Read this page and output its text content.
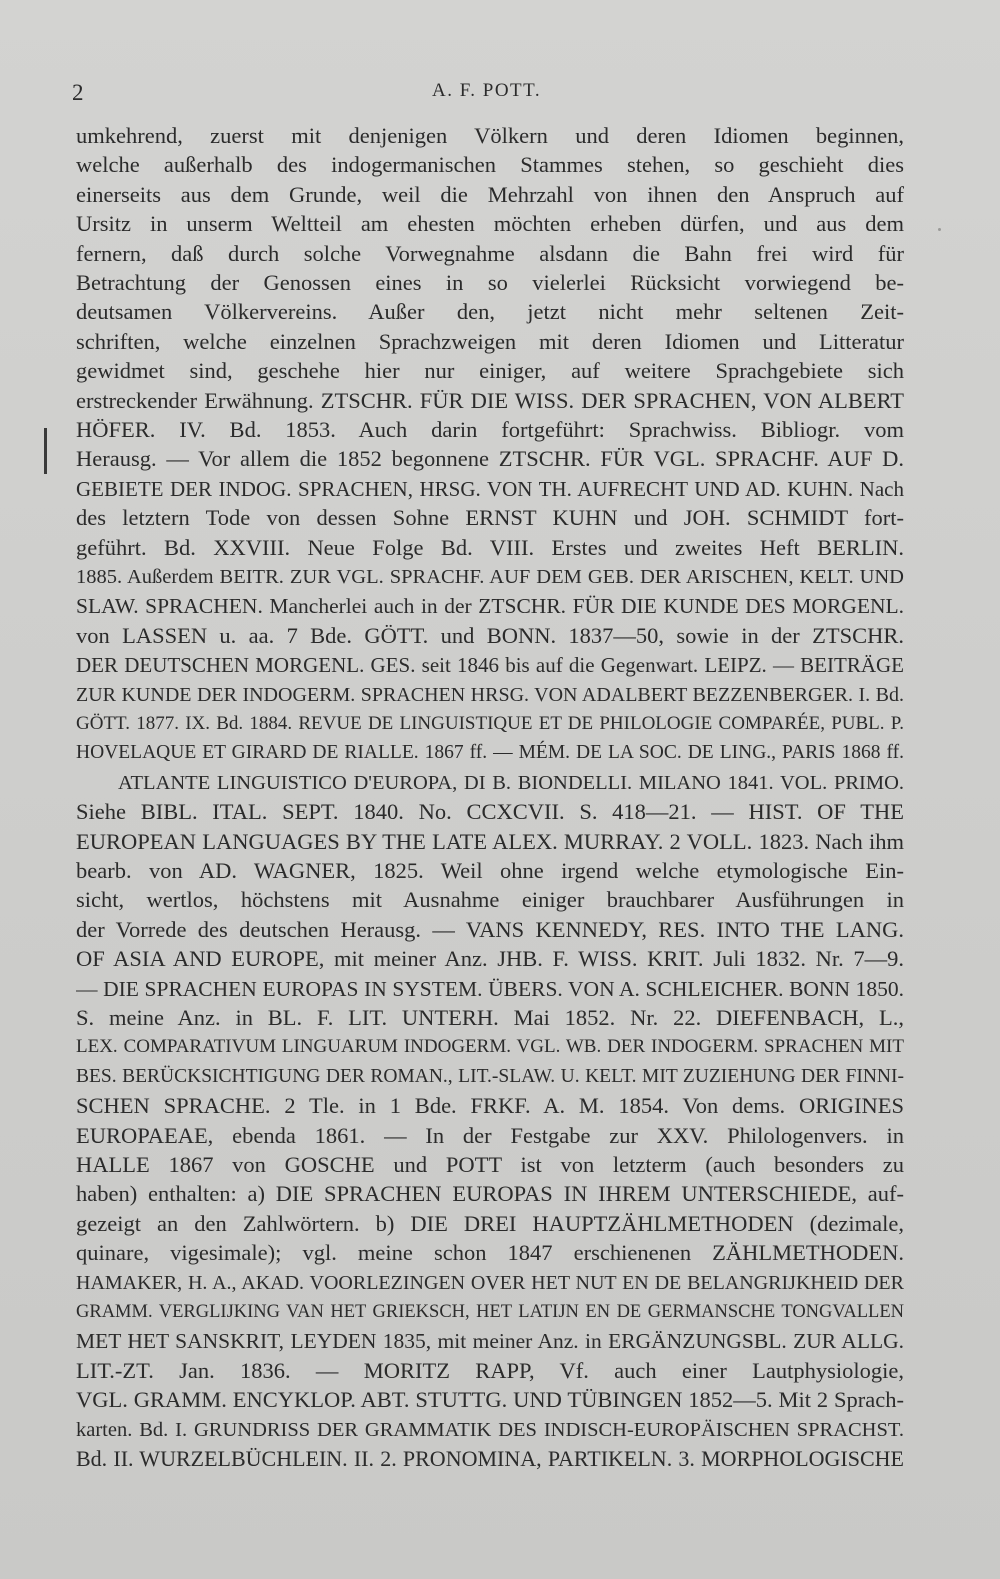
2	A. F. POTT.
umkehrend, zuerst mit denjenigen Völkern und deren Idiomen beginnen,
welche außerhalb des indogermanischen Stammes stehen, so geschieht dies
einerseits aus dem Grunde, weil die Mehrzahl von ihnen den Anspruch auf
Ursitz in unserm Weltteil am ehesten möchten erheben dürfen, und aus dem
fernern, daß durch solche Vorwegnahme alsdann die Bahn frei wird für
Betrachtung der Genossen eines in so vielerlei Rücksicht vorwiegend be-
deutsamen Völkervereins. Außer den, jetzt nicht mehr seltenen Zeit-
schriften, welche einzelnen Sprachzweigen mit deren Idiomen und Litteratur
gewidmet sind, geschehe hier nur einiger, auf weitere Sprachgebiete sich
erstreckender Erwähnung. ZTSCHR. FÜR DIE WISS. DER SPRACHEN, VON ALBERT
HÖFER. IV. Bd. 1853. Auch darin fortgeführt: Sprachwiss. Bibliogr. vom
Herausg. — Vor allem die 1852 begonnene ZTSCHR. FÜR VGL. SPRACHF. AUF D.
GEBIETE DER INDOG. SPRACHEN, HRSG. VON TH. AUFRECHT UND AD. KUHN. Nach
des letztern Tode von dessen Sohne ERNST KUHN und JOH. SCHMIDT fort-
geführt. Bd. XXVIII. Neue Folge Bd. VIII. Erstes und zweites Heft BERLIN.
1885. Außerdem BEITR. ZUR VGL. SPRACHF. AUF DEM GEB. DER ARISCHEN, KELT. UND
SLAW. SPRACHEN. Mancherlei auch in der ZTSCHR. FÜR DIE KUNDE DES MORGENL.
von LASSEN u. aa. 7 Bde. GÖTT. und BONN. 1837—50, sowie in der ZTSCHR.
DER DEUTSCHEN MORGENL. GES. seit 1846 bis auf die Gegenwart. LEIPZ. — BEITRÄGE
ZUR KUNDE DER INDOGERM. SPRACHEN HRSG. VON ADALBERT BEZZENBERGER. I. Bd.
GÖTT. 1877. IX. Bd. 1884. REVUE DE LINGUISTIQUE ET DE PHILOLOGIE COMPARÉE, PUBL. P.
HOVELAQUE ET GIRARD DE RIALLE. 1867 ff. — MÉM. DE LA SOC. DE LING., PARIS 1868 ff.
ATLANTE LINGUISTICO D'EUROPA, DI B. BIONDELLI. MILANO 1841. VOL. PRIMO.
Siehe BIBL. ITAL. SEPT. 1840. No. CCXCVII. S. 418—21. — HIST. OF THE
EUROPEAN LANGUAGES BY THE LATE ALEX. MURRAY. 2 VOLL. 1823. Nach ihm
bearb. von AD. WAGNER, 1825. Weil ohne irgend welche etymologische Ein-
sicht, wertlos, höchstens mit Ausnahme einiger brauchbarer Ausführungen in
der Vorrede des deutschen Herausg. — VANS KENNEDY, RES. INTO THE LANG.
OF ASIA AND EUROPE, mit meiner Anz. JHB. F. WISS. KRIT. Juli 1832. Nr. 7—9.
— DIE SPRACHEN EUROPAS IN SYSTEM. ÜBERS. VON A. SCHLEICHER. BONN 1850.
S. meine Anz. in BL. F. LIT. UNTERH. Mai 1852. Nr. 22. DIEFENBACH, L.,
LEX. COMPARATIVUM LINGUARUM INDOGERM. VGL. WB. DER INDOGERM. SPRACHEN MIT
BES. BERÜCKSICHTIGUNG DER ROMAN., LIT.-SLAW. U. KELT. MIT ZUZIEHUNG DER FINNI-
SCHEN SPRACHE. 2 Tle. in 1 Bde. FRKF. A. M. 1854. Von dems. ORIGINES
EUROPAEAE, ebenda 1861. — In der Festgabe zur XXV. Philologenvers. in
HALLE 1867 von GOSCHE und POTT ist von letzterm (auch besonders zu
haben) enthalten: a) DIE SPRACHEN EUROPAS IN IHREM UNTERSCHIEDE, auf-
gezeigt an den Zahlwörtern. b) DIE DREI HAUPTZÄHLMETHODEN (dezimale,
quinare, vigesimale); vgl. meine schon 1847 erschienenen ZÄHLMETHODEN.
HAMAKER, H. A., AKAD. VOORLEZINGEN OVER HET NUT EN DE BELANGRIJKHEID DER
GRAMM. VERGLIJKING VAN HET GRIEKSCH, HET LATIJN EN DE GERMANSCHE TONGVALLEN
MET HET SANSKRIT, LEYDEN 1835, mit meiner Anz. in ERGÄNZUNGSBL. ZUR ALLG.
LIT.-ZT. Jan. 1836. — MORITZ RAPP, Vf. auch einer Lautphysiologie,
VGL. GRAMM. ENCYKLOP. ABT. STUTTG. UND TÜBINGEN 1852—5. Mit 2 Sprach-
karten. Bd. I. GRUNDRISS DER GRAMMATIK DES INDISCH-EUROPÄISCHEN SPRACHST.
Bd. II. WURZELBÜCHLEIN. II. 2. PRONOMINA, PARTIKELN. 3. MORPHOLOGISCHE
